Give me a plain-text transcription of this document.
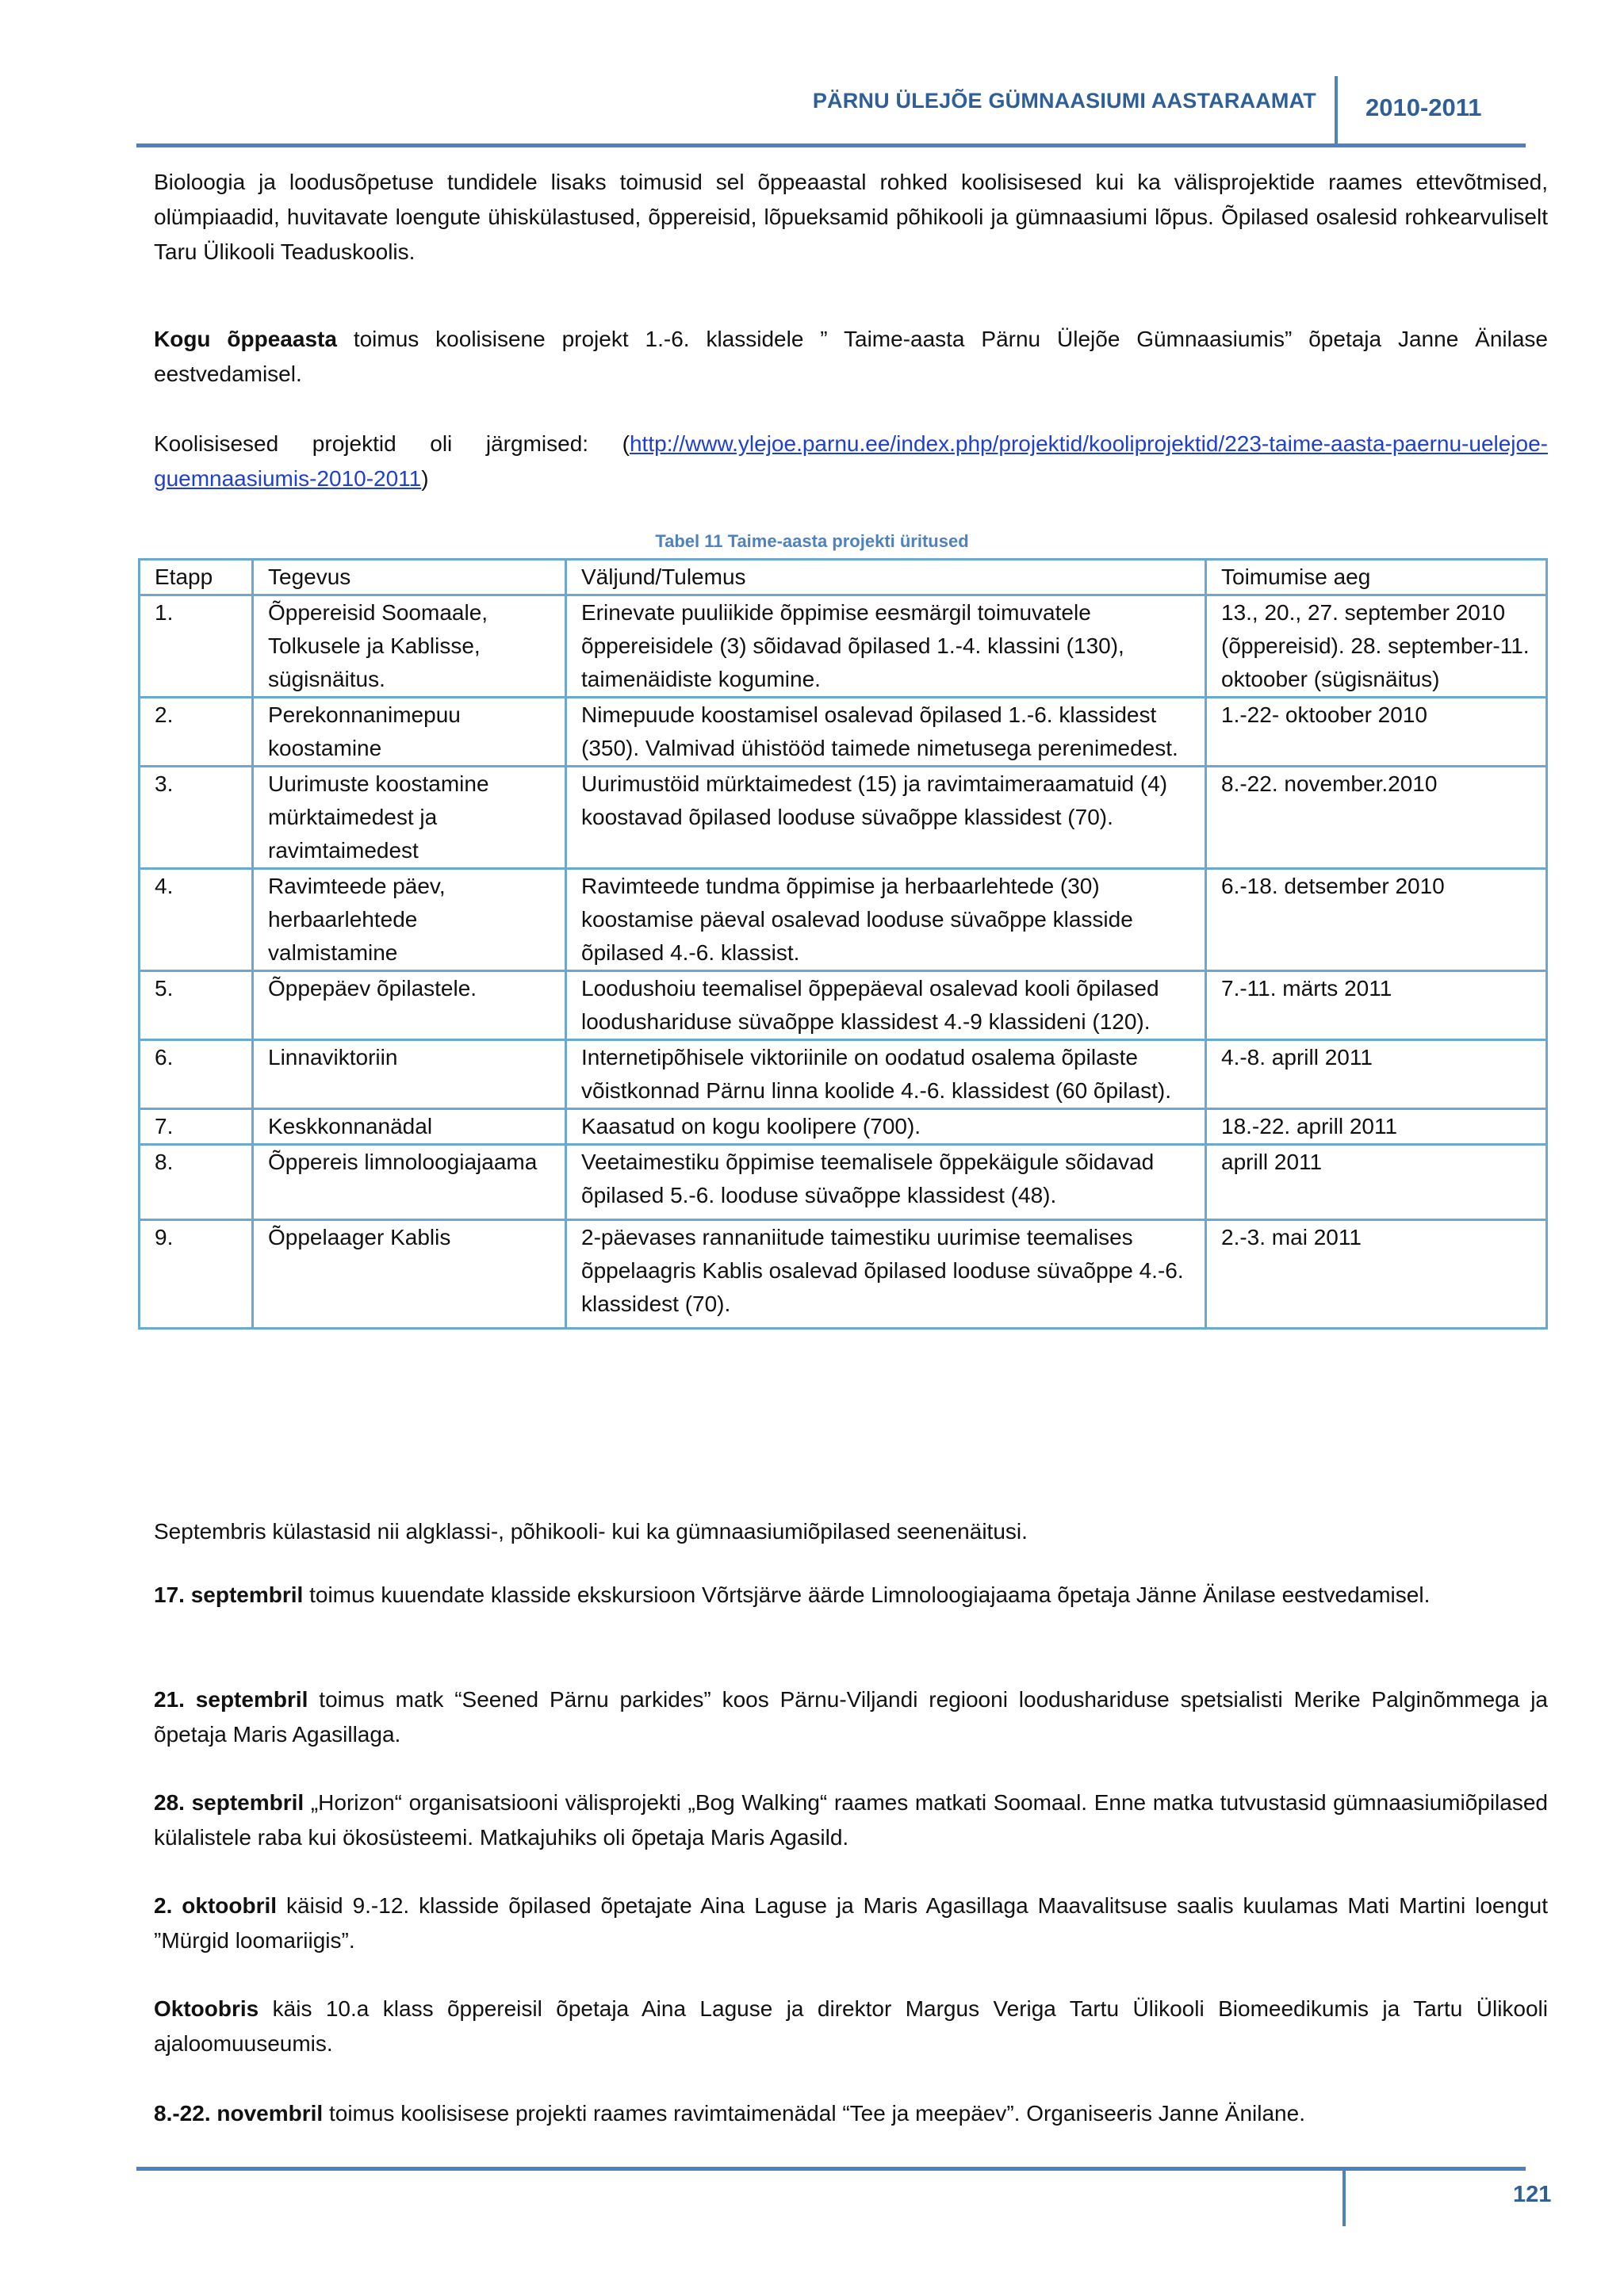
PÄRNU ÜLEJÕE GÜMNAASIUMI AASTARAAMAT 2010-2011

Bioloogia ja loodusõpetuse tundidele lisaks toimusid sel õppeaastal rohked koolisisesed kui ka välisprojektide raames ettevõtmised, olümpiaadid, huvitavate loengute ühiskülastused, õppereisid, lõpueksamid põhikooli ja gümnaasiumi lõpus. Õpilased osalesid rohkearvuliselt Taru Ülikooli Teaduskoolis.

Kogu õppeaasta toimus koolisisene projekt 1.-6. klassidele ” Taime-aasta Pärnu Ülejõe Gümnaasiumis” õpetaja Janne Änilase eestvedamisel.

Koolisisesed projektid oli järgmised: (http://www.ylejoe.parnu.ee/index.php/projektid/kooliprojektid/223-taime-aasta-paernu-uelejoe-guemnaasiumis-2010-2011)

Tabel 11 Taime-aasta projekti üritused
Etapp	Tegevus	Väljund/Tulemus	Toimumise aeg
1.	Õppereisid Soomaale, Tolkusele ja Kablisse, sügisnäitus.	Erinevate puuliikide õppimise eesmärgil toimuvatele õppereisidele (3) sõidavad õpilased 1.-4. klassini (130), taimenäidiste kogumine.	13., 20., 27. september 2010 (õppereisid). 28. september-11. oktoober (sügisnäitus)
2.	Perekonnanimepuu koostamine	Nimepuude koostamisel osalevad õpilased 1.-6. klassidest (350). Valmivad ühistööd taimede nimetusega perenimedest.	1.-22- oktoober 2010
3.	Uurimuste koostamine mürktaimedest ja ravimtaimedest	Uurimustöid mürktaimedest (15) ja ravimtaimeraamatuid (4) koostavad õpilased looduse süvaõppe klassidest (70).	8.-22. november.2010
4.	Ravimteede päev, herbaarlehtede valmistamine	Ravimteede tundma õppimise ja herbaarlehtede (30) koostamise päeval osalevad looduse süvaõppe klasside õpilased 4.-6. klassist.	6.-18. detsember 2010
5.	Õppepäev õpilastele.	Loodushoiu teemalisel õppepäeval osalevad kooli õpilased loodushariduse süvaõppe klassidest 4.-9 klassideni (120).	7.-11. märts 2011
6.	Linnaviktoriin	Internetipõhisele viktoriinile on oodatud osalema õpilaste võistkonnad Pärnu linna koolide 4.-6. klassidest (60 õpilast).	4.-8. aprill 2011
7.	Keskkonnanädal	Kaasatud on kogu koolipere (700).	18.-22. aprill 2011
8.	Õppereis limnoloogiajaama	Veetaimestiku õppimise teemalisele õppekäigule sõidavad õpilased 5.-6. looduse süvaõppe klassidest (48).	aprill 2011
9.	Õppelaager Kablis	2-päevases rannaniitude taimestiku uurimise teemalises õppelaagris Kablis osalevad õpilased looduse süvaõppe 4.-6. klassidest (70).	2.-3. mai 2011

Septembris külastasid nii algklassi-, põhikooli- kui ka gümnaasiumiõpilased seenenäitusi.

17. septembril toimus kuuendate klasside ekskursioon Võrtsjärve äärde Limnoloogiajaama õpetaja Jänne Änilase eestvedamisel.

21. septembril toimus matk “Seened Pärnu parkides” koos Pärnu-Viljandi regiooni loodushariduse spetsialisti Merike Palginõmmega ja õpetaja Maris Agasillaga.

28. septembril „Horizon“ organisatsiooni välisprojekti „Bog Walking“ raames matkati Soomaal. Enne matka tutvustasid gümnaasiumiõpilased külalistele raba kui ökosüsteemi. Matkajuhiks oli õpetaja Maris Agasild.

2. oktoobril käisid 9.-12. klasside õpilased õpetajate Aina Laguse ja Maris Agasillaga Maavalitsuse saalis kuulamas Mati Martini loengut ”Mürgid loomariigis”.

Oktoobris käis 10.a klass õppereisil õpetaja Aina Laguse ja direktor Margus Veriga Tartu Ülikooli Biomeedikumis ja Tartu Ülikooli ajaloomuuseumis.

8.-22. novembril toimus koolisisese projekti raames ravimtaimenädal “Tee ja meepäev”. Organiseeris Janne Änilane.

121
